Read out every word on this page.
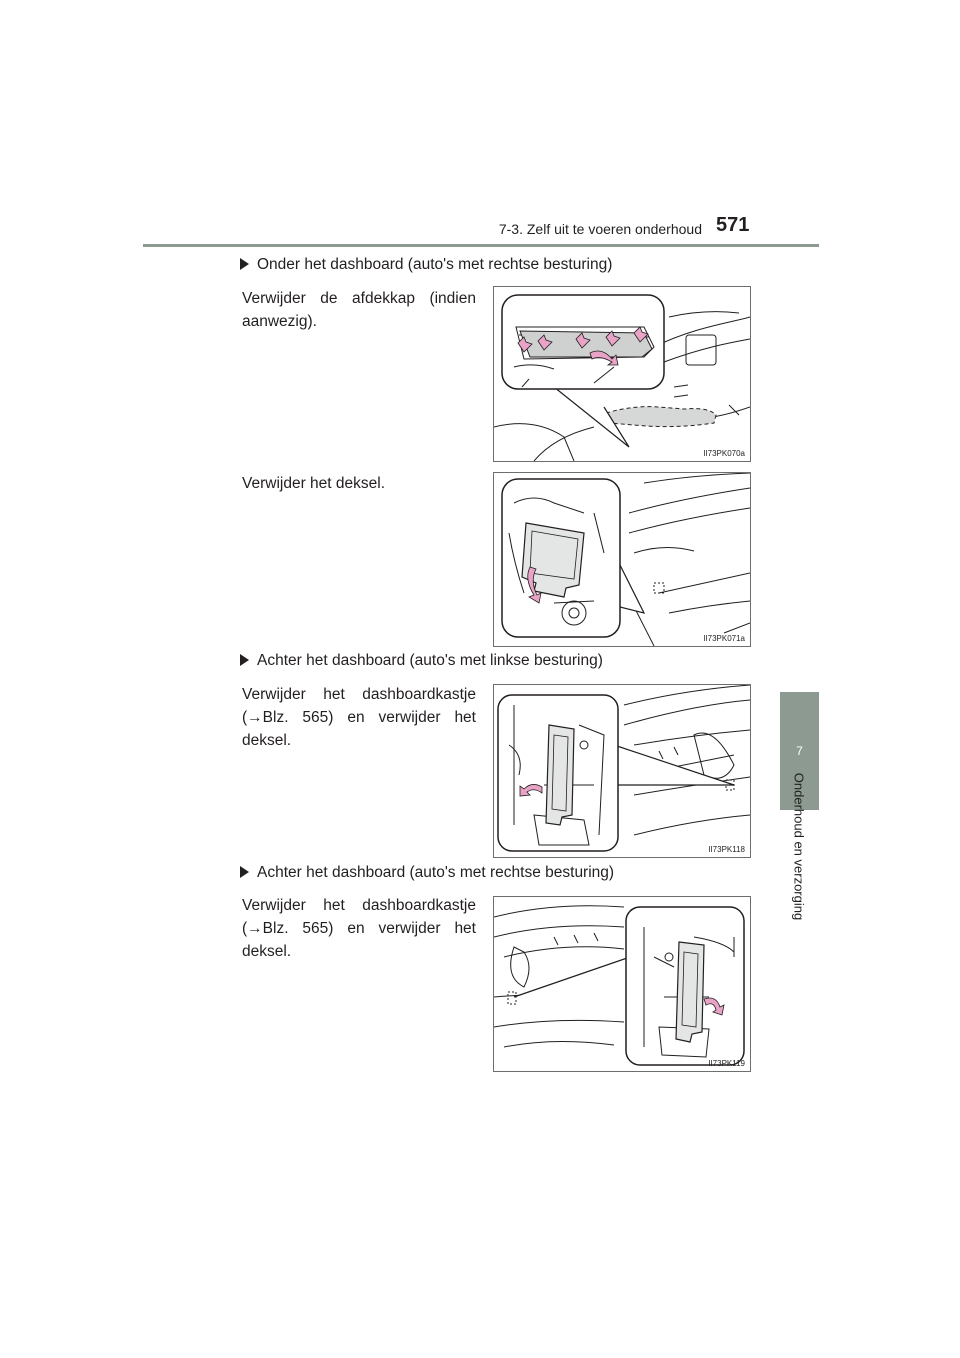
7-3. Zelf uit te voeren onderhoud 571
7
Onderhoud en verzorging
Onder het dashboard (auto's met rechtse besturing)
Verwijder de afdekkap (indien aanwezig).
II73PK070a
Verwijder het deksel.
II73PK071a
Achter het dashboard (auto's met linkse besturing)
Verwijder het dashboardkastje (→Blz. 565) en verwijder het deksel.
II73PK118
Achter het dashboard (auto's met rechtse besturing)
Verwijder het dashboardkastje (→Blz. 565) en verwijder het deksel.
II73PK119
